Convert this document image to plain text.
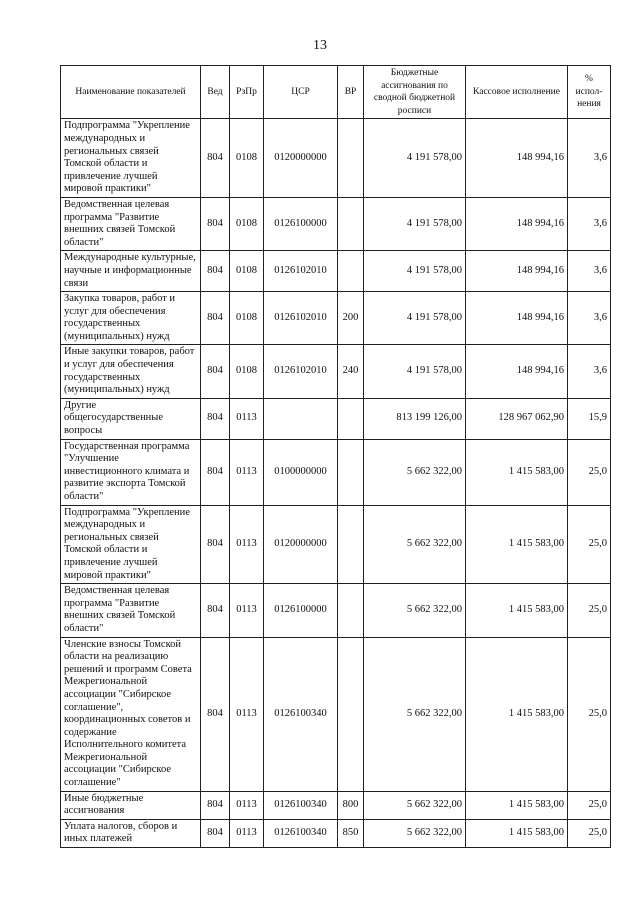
13
Наименование показателей	Вед	РзПр	ЦСР	ВР	Бюджетные ассигнования по сводной бюджетной росписи	Кассовое исполнение	% испол-нения
Подпрограмма "Укрепление международных и региональных связей Томской области и привлечение лучшей мировой практики"	804	0108	0120000000		4 191 578,00	148 994,16	3,6
Ведомственная целевая программа "Развитие внешних связей Томской области"	804	0108	0126100000		4 191 578,00	148 994,16	3,6
Международные культурные, научные и информационные связи	804	0108	0126102010		4 191 578,00	148 994,16	3,6
Закупка товаров, работ и услуг для обеспечения государственных (муниципальных) нужд	804	0108	0126102010	200	4 191 578,00	148 994,16	3,6
Иные закупки товаров, работ и услуг для обеспечения государственных (муниципальных) нужд	804	0108	0126102010	240	4 191 578,00	148 994,16	3,6
Другие общегосударственные вопросы	804	0113			813 199 126,00	128 967 062,90	15,9
Государственная программа "Улучшение инвестиционного климата и развитие экспорта Томской области"	804	0113	0100000000		5 662 322,00	1 415 583,00	25,0
Подпрограмма "Укрепление международных и региональных связей Томской области и привлечение лучшей мировой практики"	804	0113	0120000000		5 662 322,00	1 415 583,00	25,0
Ведомственная целевая программа "Развитие внешних связей Томской области"	804	0113	0126100000		5 662 322,00	1 415 583,00	25,0
Членские взносы Томской области на реализацию решений и программ Совета Межрегиональной ассоциации "Сибирское соглашение", координационных советов и содержание Исполнительного комитета Межрегиональной ассоциации "Сибирское соглашение"	804	0113	0126100340		5 662 322,00	1 415 583,00	25,0
Иные бюджетные ассигнования	804	0113	0126100340	800	5 662 322,00	1 415 583,00	25,0
Уплата налогов, сборов и иных платежей	804	0113	0126100340	850	5 662 322,00	1 415 583,00	25,0
